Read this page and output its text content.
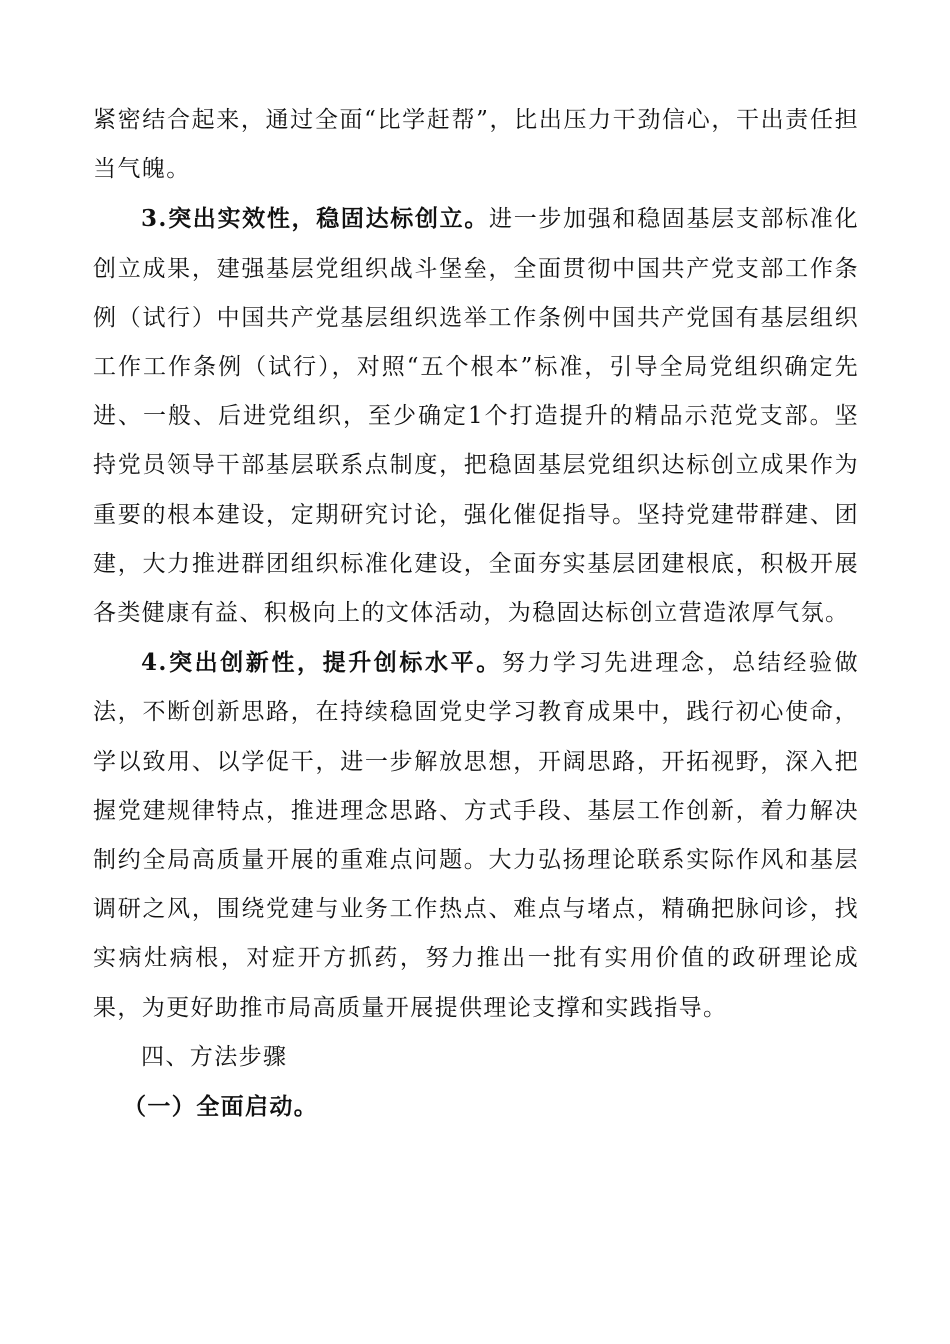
紧密结合起来，通过全面“比学赶帮”，比出压力干劲信心，干出责任担当气魄。

3.突出实效性，稳固达标创立。进一步加强和稳固基层支部标准化创立成果，建强基层党组织战斗堡垒，全面贯彻中国共产党支部工作条例（试行）中国共产党基层组织选举工作条例中国共产党国有基层组织工作工作条例（试行），对照“五个根本”标准，引导全局党组织确定先进、一般、后进党组织，至少确定1个打造提升的精品示范党支部。坚持党员领导干部基层联系点制度，把稳固基层党组织达标创立成果作为重要的根本建设，定期研究讨论，强化催促指导。坚持党建带群建、团建，大力推进群团组织标准化建设，全面夯实基层团建根底，积极开展各类健康有益、积极向上的文体活动，为稳固达标创立营造浓厚气氛。

4.突出创新性，提升创标水平。努力学习先进理念，总结经验做法，不断创新思路，在持续稳固党史学习教育成果中，践行初心使命，学以致用、以学促干，进一步解放思想，开阔思路，开拓视野，深入把握党建规律特点，推进理念思路、方式手段、基层工作创新，着力解决制约全局高质量开展的重难点问题。大力弘扬理论联系实际作风和基层调研之风，围绕党建与业务工作热点、难点与堵点，精确把脉问诊，找实病灶病根，对症开方抓药，努力推出一批有实用价值的政研理论成果，为更好助推市局高质量开展提供理论支撑和实践指导。

四、方法步骤

（一）全面启动。
